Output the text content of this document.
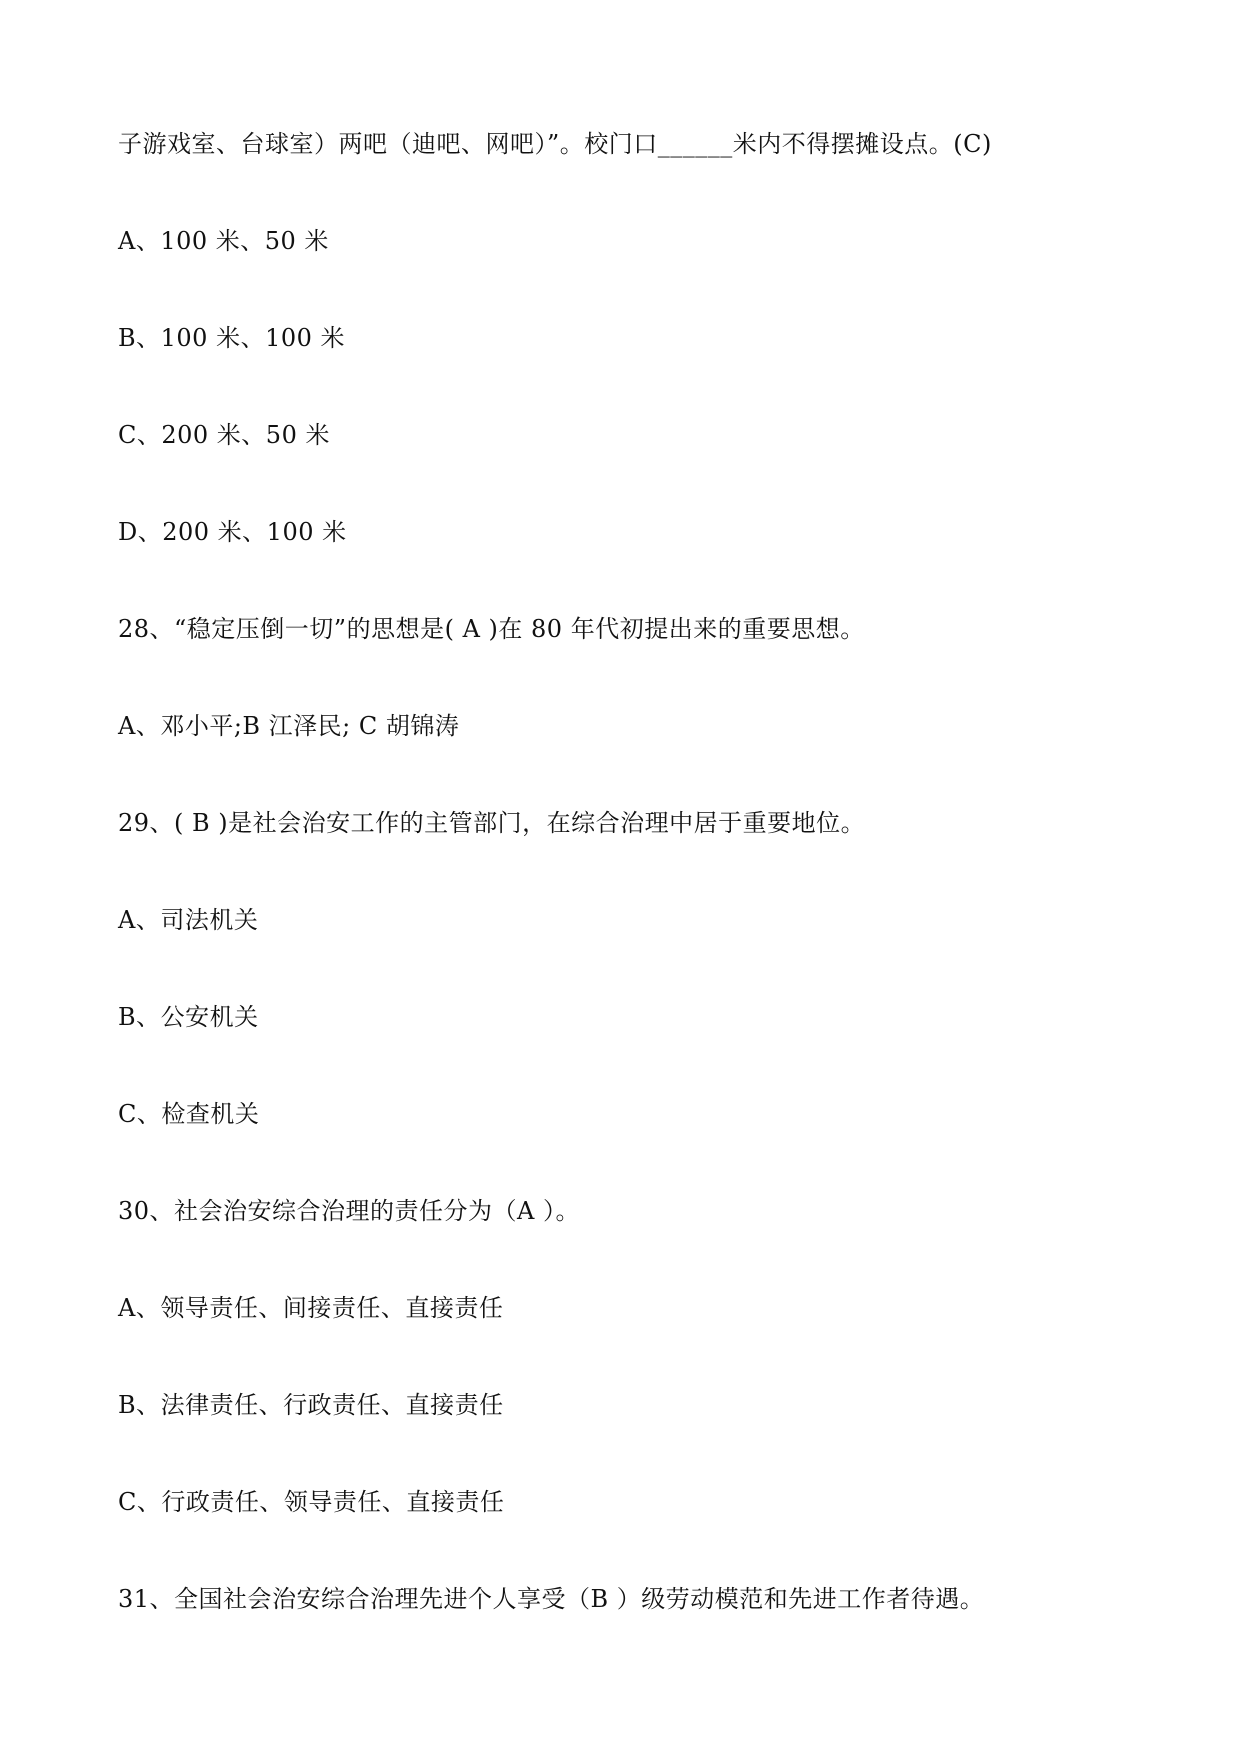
子游戏室、台球室）两吧（迪吧、网吧）”。校门口______米内不得摆摊设点。(C)
A、100 米、50 米
B、100 米、100 米
C、200 米、50 米
D、200 米、100 米
28、“稳定压倒一切”的思想是( A )在 80 年代初提出来的重要思想。
A、邓小平;B 江泽民; C 胡锦涛
29、( B )是社会治安工作的主管部门，在综合治理中居于重要地位。
A、司法机关
B、公安机关
C、检查机关
30、社会治安综合治理的责任分为（A ）。
A、领导责任、间接责任、直接责任
B、法律责任、行政责任、直接责任
C、行政责任、领导责任、直接责任
31、全国社会治安综合治理先进个人享受（B ）级劳动模范和先进工作者待遇。
